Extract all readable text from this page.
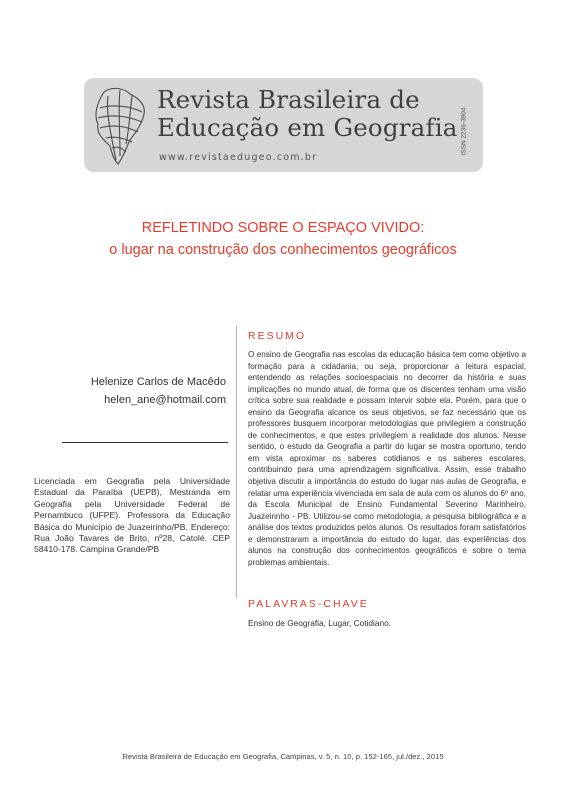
Revista Brasileira de
Educação em Geografia
www.revistaedugeo.com.br
ISSN 2236-3904
REFLETINDO SOBRE O ESPAÇO VIVIDO:
o lugar na construção dos conhecimentos geográficos
Helenize Carlos de Macêdo
helen_ane@hotmail.com
Licenciada em Geografia pela Universidade Estadual da Paraíba (UEPB), Mestranda em Geografia pela Universidade Federal de Pernambuco (UFPE). Professora da Educação Básica do Município de Juazeirinho/PB. Endereço: Rua João Tavares de Brito, nº28, Catolé. CEP 58410-178. Campina Grande/PB
RESUMO
O ensino de Geografia nas escolas da educação básica tem como objetivo a formação para a cidadania, ou seja, proporcionar a leitura espacial, entendendo as relações socioespaciais no decorrer da história e suas implicações no mundo atual, de forma que os discentes tenham uma visão crítica sobre sua realidade e possam intervir sobre ela. Porém, para que o ensino da Geografia alcance os seus objetivos, se faz necessário que os professores busquem incorporar metodologias que privilegiem a construção de conhecimentos, e que estes privilegiem a realidade dos alunos. Nesse sentido, o estudo da Geografia a partir do lugar se mostra oportuno, tendo em vista aproximar os saberes cotidianos e os saberes escolares, contribuindo para uma aprendizagem significativa. Assim, esse trabalho objetiva discutir a importância do estudo do lugar nas aulas de Geografia, e relatar uma experiência vivenciada em sala de aula com os alunos do 6º ano, da Escola Municipal de Ensino Fundamental Severino Marinheiro, Juazeirinho - PB. Utilizou-se como metodologia, a pesquisa bibliográfica e a análise dos textos produzidos pelos alunos. Os resultados foram satisfatórios e demonstraram a importância do estudo do lugar, das experiências dos alunos na construção dos conhecimentos geográficos e sobre o tema problemas ambientais.
PALAVRAS-CHAVE
Ensino de Geografia, Lugar, Cotidiano.
Revista Brasileira de Educação em Geografia, Campinas, v. 5, n. 10, p. 152-165, jul./dez., 2015
